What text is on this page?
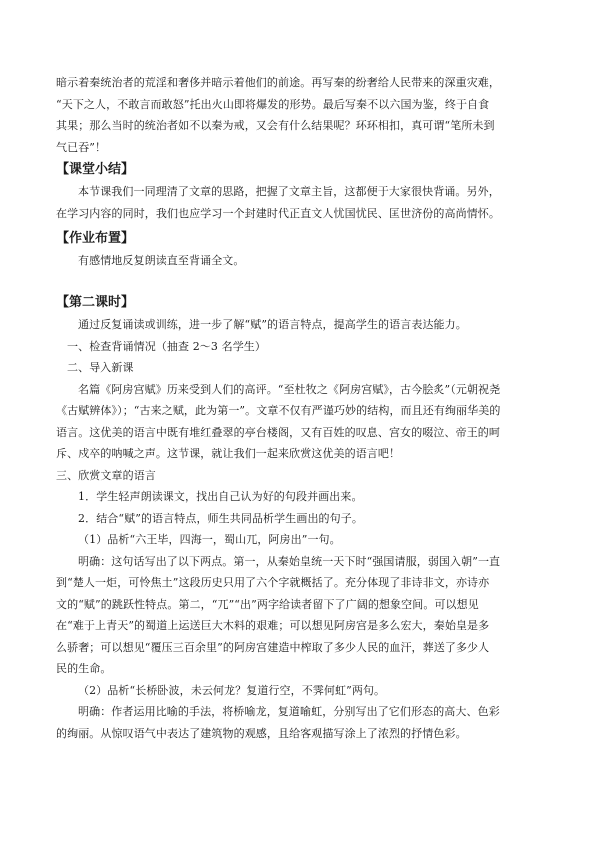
暗示着秦统治者的荒淫和奢侈并暗示着他们的前途。再写秦的纷奢给人民带来的深重灾难，
“天下之人，不敢言而敢怒”托出火山即将爆发的形势。最后写秦不以六国为鉴，终于自食
其果；那么当时的统治者如不以秦为戒，又会有什么结果呢？环环相扣，真可谓“笔所未到
气已吞”！
【课堂小结】
本节课我们一同理清了文章的思路，把握了文章主旨，这都便于大家很快背诵。另外，
在学习内容的同时，我们也应学习一个封建时代正直文人忧国忧民、匡世济份的高尚情怀。
【作业布置】
有感情地反复朗读直至背诵全文。
【第二课时】
通过反复诵读或训练，进一步了解“赋”的语言特点，提高学生的语言表达能力。
一、检查背诵情况（抽查 2～3 名学生）
二、导入新课
名篇《阿房宫赋》历来受到人们的高评。“至杜牧之《阿房宫赋》，古今脍炙”（元朝祝尧
《古赋辨体》）；“古来之赋，此为第一”。文章不仅有严谨巧妙的结构，而且还有绚丽华美的
语言。这优美的语言中既有堆红叠翠的亭台楼阁，又有百姓的叹息、宫女的啜泣、帝王的呵
斥、戍卒的呐喊之声。这节课，就让我们一起来欣赏这优美的语言吧！
三、欣赏文章的语言
1．学生轻声朗读课文，找出自己认为好的句段并画出来。
2．结合“赋”的语言特点，师生共同品析学生画出的句子。
（1）品析“六王毕，四海一，蜀山兀，阿房出”一句。
明确：这句话写出了以下两点。第一，从秦始皇统一天下时“强国请服，弱国入朝”一直
到“楚人一炬，可怜焦土”这段历史只用了六个字就概括了。充分体现了非诗非文，亦诗亦
文的“赋”的跳跃性特点。第二，“兀”“出”两字给读者留下了广阔的想象空间。可以想见
在“难于上青天”的蜀道上运送巨大木料的艰难；可以想见阿房宫是多么宏大，秦始皇是多
么骄奢；可以想见“覆压三百余里”的阿房宫建造中榨取了多少人民的血汗，葬送了多少人
民的生命。
（2）品析“长桥卧波，未云何龙？复道行空，不霁何虹”两句。
明确：作者运用比喻的手法，将桥喻龙，复道喻虹，分别写出了它们形态的高大、色彩
的绚丽。从惊叹语气中表达了建筑物的观感，且给客观描写涂上了浓烈的抒情色彩。
